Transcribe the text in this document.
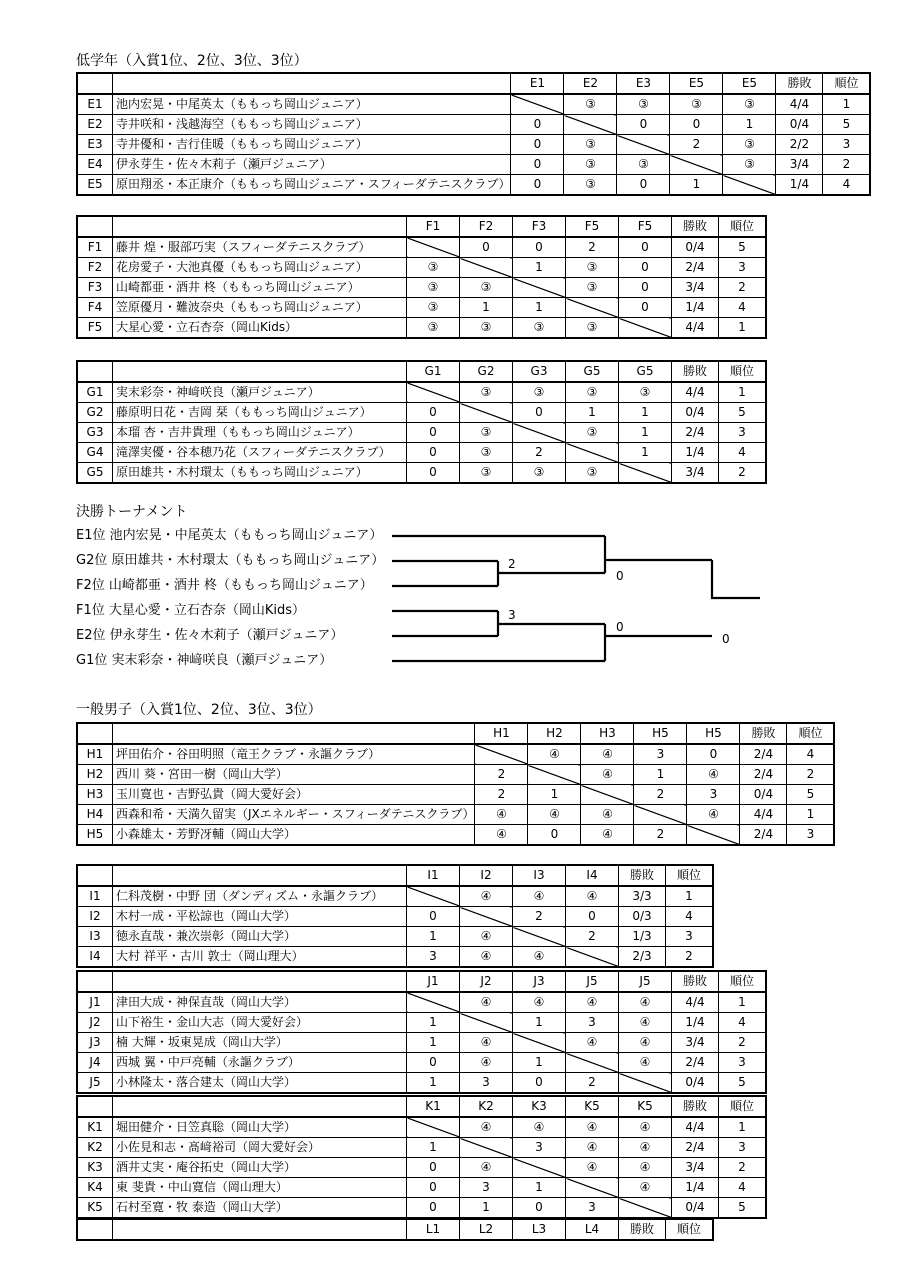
低学年（入賞1位、2位、3位、3位）
		E1	E2	E3	E5	E5	勝敗	順位
E1	池内宏晃・中尾英太（ももっち岡山ジュニア）		③	③	③	③	4/4	1
E2	寺井咲和・浅越海空（ももっち岡山ジュニア）	0		0	0	1	0/4	5
E3	寺井優和・吉行佳暖（ももっち岡山ジュニア）	0	③		2	③	2/2	3
E4	伊永芽生・佐々木莉子（瀬戸ジュニア）	0	③	③		③	3/4	2
E5	原田翔丞・本正康介（ももっち岡山ジュニア・スフィーダテニスクラブ）	0	③	0	1		1/4	4
		F1	F2	F3	F5	F5	勝敗	順位
F1	藤井 煌・服部巧実（スフィーダテニスクラブ）		0	0	2	0	0/4	5
F2	花房愛子・大池真優（ももっち岡山ジュニア）	③		1	③	0	2/4	3
F3	山崎都亜・酒井 柊（ももっち岡山ジュニア）	③	③		③	0	3/4	2
F4	笠原優月・難波奈央（ももっち岡山ジュニア）	③	1	1		0	1/4	4
F5	大星心愛・立石杏奈（岡山Kids）	③	③	③	③		4/4	1
		G1	G2	G3	G5	G5	勝敗	順位
G1	実末彩奈・神﨑咲良（瀬戸ジュニア）		③	③	③	③	4/4	1
G2	藤原明日花・吉岡 栞（ももっち岡山ジュニア）	0		0	1	1	0/4	5
G3	本瑠 杏・吉井貴理（ももっち岡山ジュニア）	0	③		③	1	2/4	3
G4	滝澤実優・谷本穂乃花（スフィーダテニスクラブ）	0	③	2		1	1/4	4
G5	原田雄共・木村環太（ももっち岡山ジュニア）	0	③	③	③		3/4	2
一般男子（入賞1位、2位、3位、3位）
		H1	H2	H3	H5	H5	勝敗	順位
H1	坪田佑介・谷田明照（竜王クラブ・永謳クラブ）		④	④	3	0	2/4	4
H2	西川 葵・宮田一樹（岡山大学）	2		④	1	④	2/4	2
H3	玉川寛也・吉野弘貴（岡大愛好会）	2	1		2	3	0/4	5
H4	西森和希・天満久留実（JXエネルギー・スフィーダテニスクラブ）	④	④	④		④	4/4	1
H5	小森雄太・芳野冴輔（岡山大学）	④	0	④	2		2/4	3
		I1	I2	I3	I4	勝敗	順位
I1	仁科茂樹・中野 団（ダンディズム・永謳クラブ）		④	④	④	3/3	1
I2	木村一成・平松諒也（岡山大学）	0		2	0	0/3	4
I3	徳永直哉・兼次崇彰（岡山大学）	1	④		2	1/3	3
I4	大村 祥平・古川 敦士（岡山理大）	3	④	④		2/3	2
		J1	J2	J3	J5	J5	勝敗	順位
J1	津田大成・神保直哉（岡山大学）		④	④	④	④	4/4	1
J2	山下裕生・金山大志（岡大愛好会）	1		1	3	④	1/4	4
J3	楠 大輝・坂東晃成（岡山大学）	1	④		④	④	3/4	2
J4	西城 翼・中戸亮輔（永謳クラブ）	0	④	1		④	2/4	3
J5	小林隆太・落合建太（岡山大学）	1	3	0	2		0/4	5
		K1	K2	K3	K5	K5	勝敗	順位
K1	堀田健介・日笠真聡（岡山大学）		④	④	④	④	4/4	1
K2	小佐見和志・髙﨑裕司（岡大愛好会）	1		3	④	④	2/4	3
K3	酒井丈実・庵谷拓史（岡山大学）	0	④		④	④	3/4	2
K4	東 斐貴・中山寛信（岡山理大）	0	3	1		④	1/4	4
K5	石村至寛・牧 泰造（岡山大学）	0	1	0	3		0/4	5
		L1	L2	L3	L4	勝敗	順位
決勝トーナメント
E1位 池内宏晃・中尾英太（ももっち岡山ジュニア）
G2位 原田雄共・木村環太（ももっち岡山ジュニア）
F2位 山崎都亜・酒井 柊（ももっち岡山ジュニア）
F1位 大星心愛・立石杏奈（岡山Kids）
E2位 伊永芽生・佐々木莉子（瀬戸ジュニア）
G1位 実末彩奈・神﨑咲良（瀬戸ジュニア）
2
0
3
0
0
